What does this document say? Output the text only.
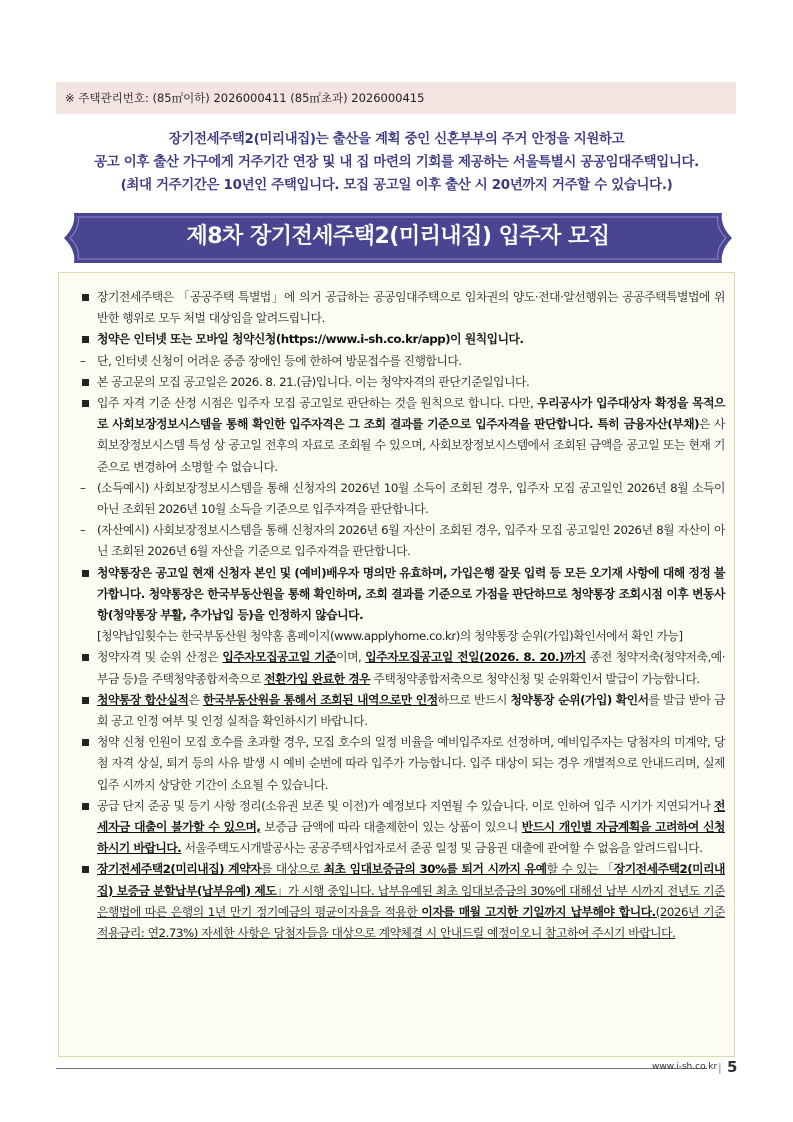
※ 주택관리번호: (85㎡이하) 2026000411 (85㎡초과) 2026000415
장기전세주택2(미리내집)는 출산을 계획 중인 신혼부부의 주거 안정을 지원하고
공고 이후 출산 가구에게 거주기간 연장 및 내 집 마련의 기회를 제공하는 서울특별시 공공임대주택입니다.
(최대 거주기간은 10년인 주택입니다. 모집 공고일 이후 출산 시 20년까지 거주할 수 있습니다.)
제8차 장기전세주택2(미리내집) 입주자 모집
장기전세주택은 「공공주택 특별법」에 의거 공급하는 공공임대주택으로 임차권의 양도·전대·알선행위는 공공주택특별법에 위반한 행위로 모두 처벌 대상임을 알려드립니다.
청약은 인터넷 또는 모바일 청약신청(https://www.i-sh.co.kr/app)이 원칙입니다.
– 단, 인터넷 신청이 어려운 중증 장애인 등에 한하여 방문접수를 진행합니다.
본 공고문의 모집 공고일은 2026. 8. 21.(금)입니다. 이는 청약자격의 판단기준일입니다.
입주 자격 기준 산정 시점은 입주자 모집 공고일로 판단하는 것을 원칙으로 합니다. 다만, 우리공사가 입주대상자 확정을 목적으로 사회보장정보시스템을 통해 확인한 입주자격은 그 조회 결과를 기준으로 입주자격을 판단합니다. 특히 금융자산(부채)은 사회보장정보시스템 특성 상 공고일 전후의 자료로 조회될 수 있으며, 사회보장정보시스템에서 조회된 금액을 공고일 또는 현재 기준으로 변경하여 소명할 수 없습니다.
– (소득예시) 사회보장정보시스템을 통해 신청자의 2026년 10월 소득이 조회된 경우, 입주자 모집 공고일인 2026년 8월 소득이 아닌 조회된 2026년 10월 소득을 기준으로 입주자격을 판단합니다.
– (자산예시) 사회보장정보시스템을 통해 신청자의 2026년 6월 자산이 조회된 경우, 입주자 모집 공고일인 2026년 8월 자산이 아닌 조회된 2026년 6월 자산을 기준으로 입주자격을 판단합니다.
청약통장은 공고일 현재 신청자 본인 및 (예비)배우자 명의만 유효하며, 가입은행 잘못 입력 등 모든 오기재 사항에 대해 정정 불가합니다. 청약통장은 한국부동산원을 통해 확인하며, 조회 결과를 기준으로 가점을 판단하므로 청약통장 조회시점 이후 변동사항(청약통장 부활, 추가납입 등)을 인정하지 않습니다.
[청약납입횟수는 한국부동산원 청약홈 홈페이지(www.applyhome.co.kr)의 청약통장 순위(가입)확인서에서 확인 가능]
청약자격 및 순위 산정은 입주자모집공고일 기준이며, 입주자모집공고일 전일(2026. 8. 20.)까지 종전 청약저축(청약저축,예·부금 등)을 주택청약종합저축으로 전환가입 완료한 경우 주택청약종합저축으로 청약신청 및 순위확인서 발급이 가능합니다.
청약통장 합산실적은 한국부동산원을 통해서 조회된 내역으로만 인정하므로 반드시 청약통장 순위(가입) 확인서를 발급 받아 금회 공고 인정 여부 및 인정 실적을 확인하시기 바랍니다.
청약 신청 인원이 모집 호수를 초과할 경우, 모집 호수의 일정 비율을 예비입주자로 선정하며, 예비입주자는 당첨자의 미계약, 당첨 자격 상실, 퇴거 등의 사유 발생 시 예비 순번에 따라 입주가 가능합니다. 입주 대상이 되는 경우 개별적으로 안내드리며, 실제 입주 시까지 상당한 기간이 소요될 수 있습니다.
공급 단지 준공 및 등기 사항 정리(소유권 보존 및 이전)가 예정보다 지연될 수 있습니다. 이로 인하여 입주 시기가 지연되거나 전세자금 대출이 불가할 수 있으며, 보증금 금액에 따라 대출제한이 있는 상품이 있으니 반드시 개인별 자금계획을 고려하여 신청하시기 바랍니다. 서울주택도시개발공사는 공공주택사업자로서 준공 일정 및 금융권 대출에 관여할 수 없음을 알려드립니다.
장기전세주택2(미리내집) 계약자를 대상으로 최초 임대보증금의 30%를 퇴거 시까지 유예할 수 있는 「장기전세주택2(미리내집) 보증금 분할납부(납부유예) 제도」가 시행 중입니다. 납부유예된 최초 임대보증금의 30%에 대해선 납부 시까지 전년도 기준 은행법에 따른 은행의 1년 만기 정기예금의 평균이자율을 적용한 이자를 매월 고지한 기일까지 납부해야 합니다.(2026년 기준 적용금리: 연2.73%) 자세한 사항은 당첨자들을 대상으로 계약체결 시 안내드릴 예정이오니 참고하여 주시기 바랍니다.
www.i-sh.co.kr | 5
